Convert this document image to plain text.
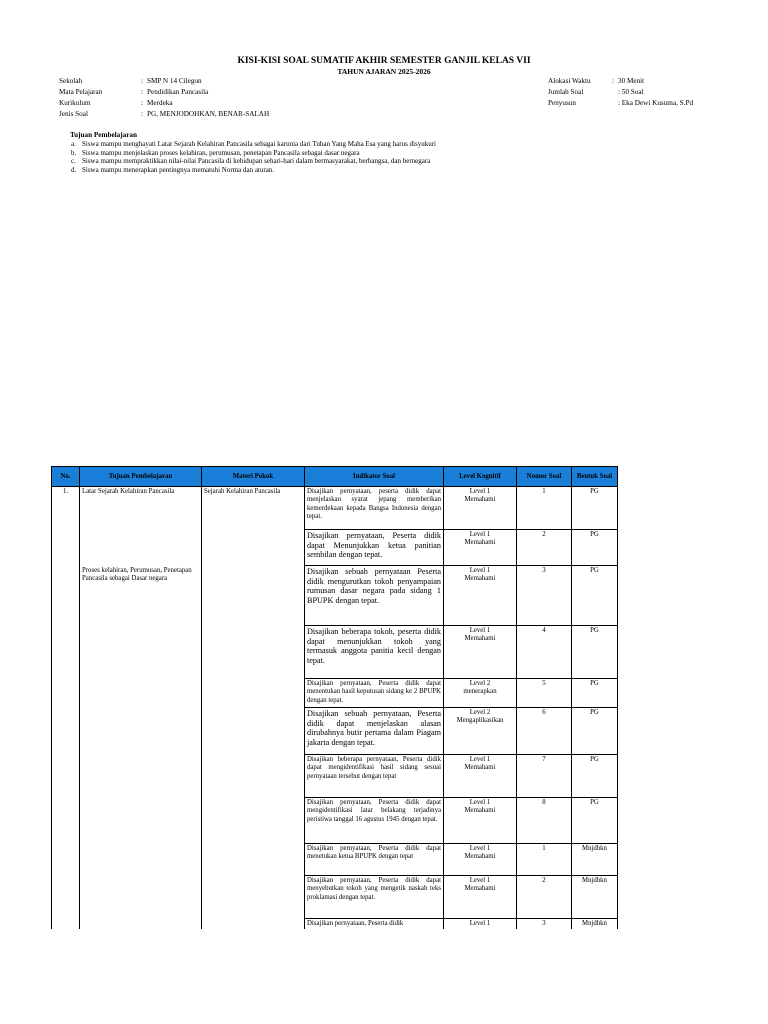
KISI-KISI SOAL SUMATIF AKHIR SEMESTER GANJIL KELAS VII
TAHUN AJARAN 2025-2026
Sekolah	: SMP N 14 Cilegon
Mata Pelajaran	: Pendidikan Pancasila
Kurikulum	: Merdeka
Jenis Soal	: PG, MENJODOHKAN, BENAR-SALAH
Alokasi Waktu	: 30 Menit
Jumlah Soal	: 50 Soal
Penyusun	: Eka Dewi Kusuma, S.Pd
Tujuan Pembelajaran
a. Siswa mampu menghayati Latar Sejarah Kelahiran Pancasila sebagai karunia dari Tuhan Yang Maha Esa yang harus disyukuri
b. Siswa mampu menjelaskan proses kelahiran, perumusan, penetapan Pancasila sebagai dasar negara
c. Siswa mampu mempraktikkan nilai-nilai Pancasila di kehidupan sehari-hari dalam bermasyarakat, berbangsa, dan bernegara
d. Siswa mampu menerapkan pentingnya mematuhi Norma dan aturan.
No.	Tujuan Pembelajaran	Materi Pokok	Indikator Soal	Level Kognitif	Nomor Soal	Bentuk Soal
1.	Latar Sejarah Kelahiran Pancasila	Sejarah Kelahiran Pancasila	Disajikan pernyataan, peserta didik dapat menjelaskan syarat jepang memberikan kemerdekaan kepada Bangsa Indonesia dengan tepat.	Level 1
Memahami	1	PG
			Disajikan pernyataan, Peserta didik dapat Menunjukkan ketua panitian sembilan dengan tepat.	Level 1
Memahami	2	PG
	Proses kelahiran, Perumusan, Penetapan Pancasila sebagai Dasar negara		Disajikan sebuah pernyataan Peserta didik mengurutkan tokoh penyampaian rumusan dasar negara pada sidang 1 BPUPK dengan tepat.	Level 1
Memahami	3	PG
			Disajikan beberapa tokoh, peserta didik dapat menunjukkan tokoh yang termasuk anggota panitia kecil dengan tepat.	Level 1
Memahami	4	PG
			Disajikan pernyataan, Peserta didik dapat menentukan hasil keputusan sidang ke 2 BPUPK dengan tepat.	Level 2
menerapkan	5	PG
			Disajikan sebuah pernyataan, Peserta didik dapat menjelaskan alasan dirubahnya butir pertama dalam Piagam jakarta dengan tepat.	Level 2
Mengaplikasikan	6	PG
			Disajikan beberapa pernyataan, Peserta didik dapat mengidentifikasi hasil sidang sesuai pernyataan tersebut dengan tepat	Level 1
Memahami	7	PG
			Disajikan pernyataan, Peserta didik dapat mengidentifikasi latar belakang terjadinya peristiwa tanggal 16 agustus 1945 dengan tepat.	Level 1
Memahami	8	PG
			Disajikan pernyataan, Peserta didik dapat menetukan ketua BPUPK dengan tepat	Level 1
Memahami	1	Mnjdhkn
			Disajikan pernyataan, Peserta didik dapat menyebutkan tokoh yang mengetik naskah teks proklamasi dengan tepat.	Level 1
Memahami	2	Mnjdhkn
			Disajikan pernyataan, Peserta didik	Level 1	3	Mnjdhkn
